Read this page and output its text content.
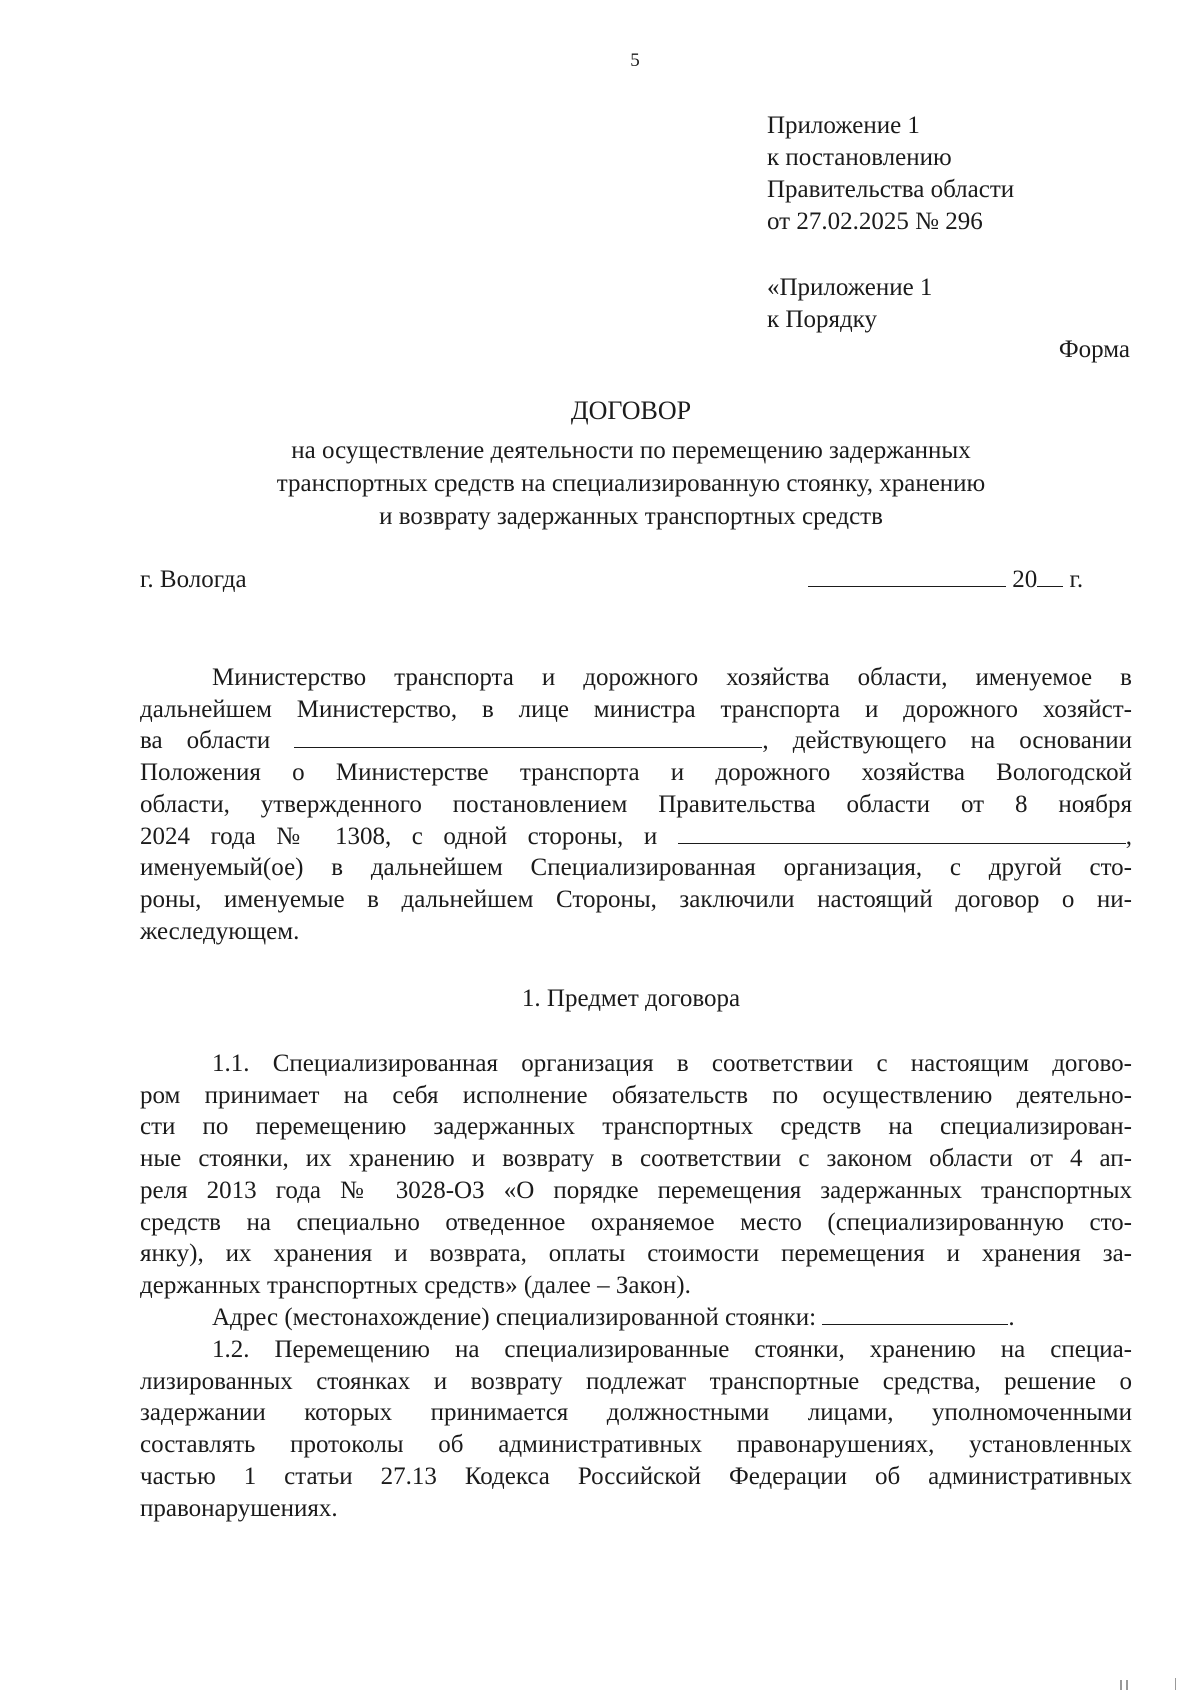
5
Приложение 1
к постановлению
Правительства области
от 27.02.2025 № 296
«Приложение 1
к Порядку
Форма
ДОГОВОР
на осуществление деятельности по перемещению задержанных
транспортных средств на специализированную стоянку, хранению
и возврату задержанных транспортных средств
г. Вологда	20 г.
Министерство транспорта и дорожного хозяйства области, именуемое в
дальнейшем Министерство, в лице министра транспорта и дорожного хозяйст-
ва области	, действующего на основании
Положения о Министерстве транспорта и дорожного хозяйства Вологодской
области, утвержденного постановлением Правительства области от 8 ноября
2024 года № 1308, с одной стороны, и	,
именуемый(ое) в дальнейшем Специализированная организация, с другой сто-
роны, именуемые в дальнейшем Стороны, заключили настоящий договор о ни-
жеследующем.
1. Предмет договора
1.1. Специализированная организация в соответствии с настоящим догово-
ром принимает на себя исполнение обязательств по осуществлению деятельно-
сти по перемещению задержанных транспортных средств на специализирован-
ные стоянки, их хранению и возврату в соответствии с законом области от 4 ап-
реля 2013 года № 3028-ОЗ «О порядке перемещения задержанных транспортных
средств на специально отведенное охраняемое место (специализированную сто-
янку), их хранения и возврата, оплаты стоимости перемещения и хранения за-
держанных транспортных средств» (далее – Закон).
Адрес (местонахождение) специализированной стоянки:	.
1.2. Перемещению на специализированные стоянки, хранению на специа-
лизированных стоянках и возврату подлежат транспортные средства, решение о
задержании которых принимается должностными лицами, уполномоченными
составлять протоколы об административных правонарушениях, установленных
частью 1 статьи 27.13 Кодекса Российской Федерации об административных
правонарушениях.
